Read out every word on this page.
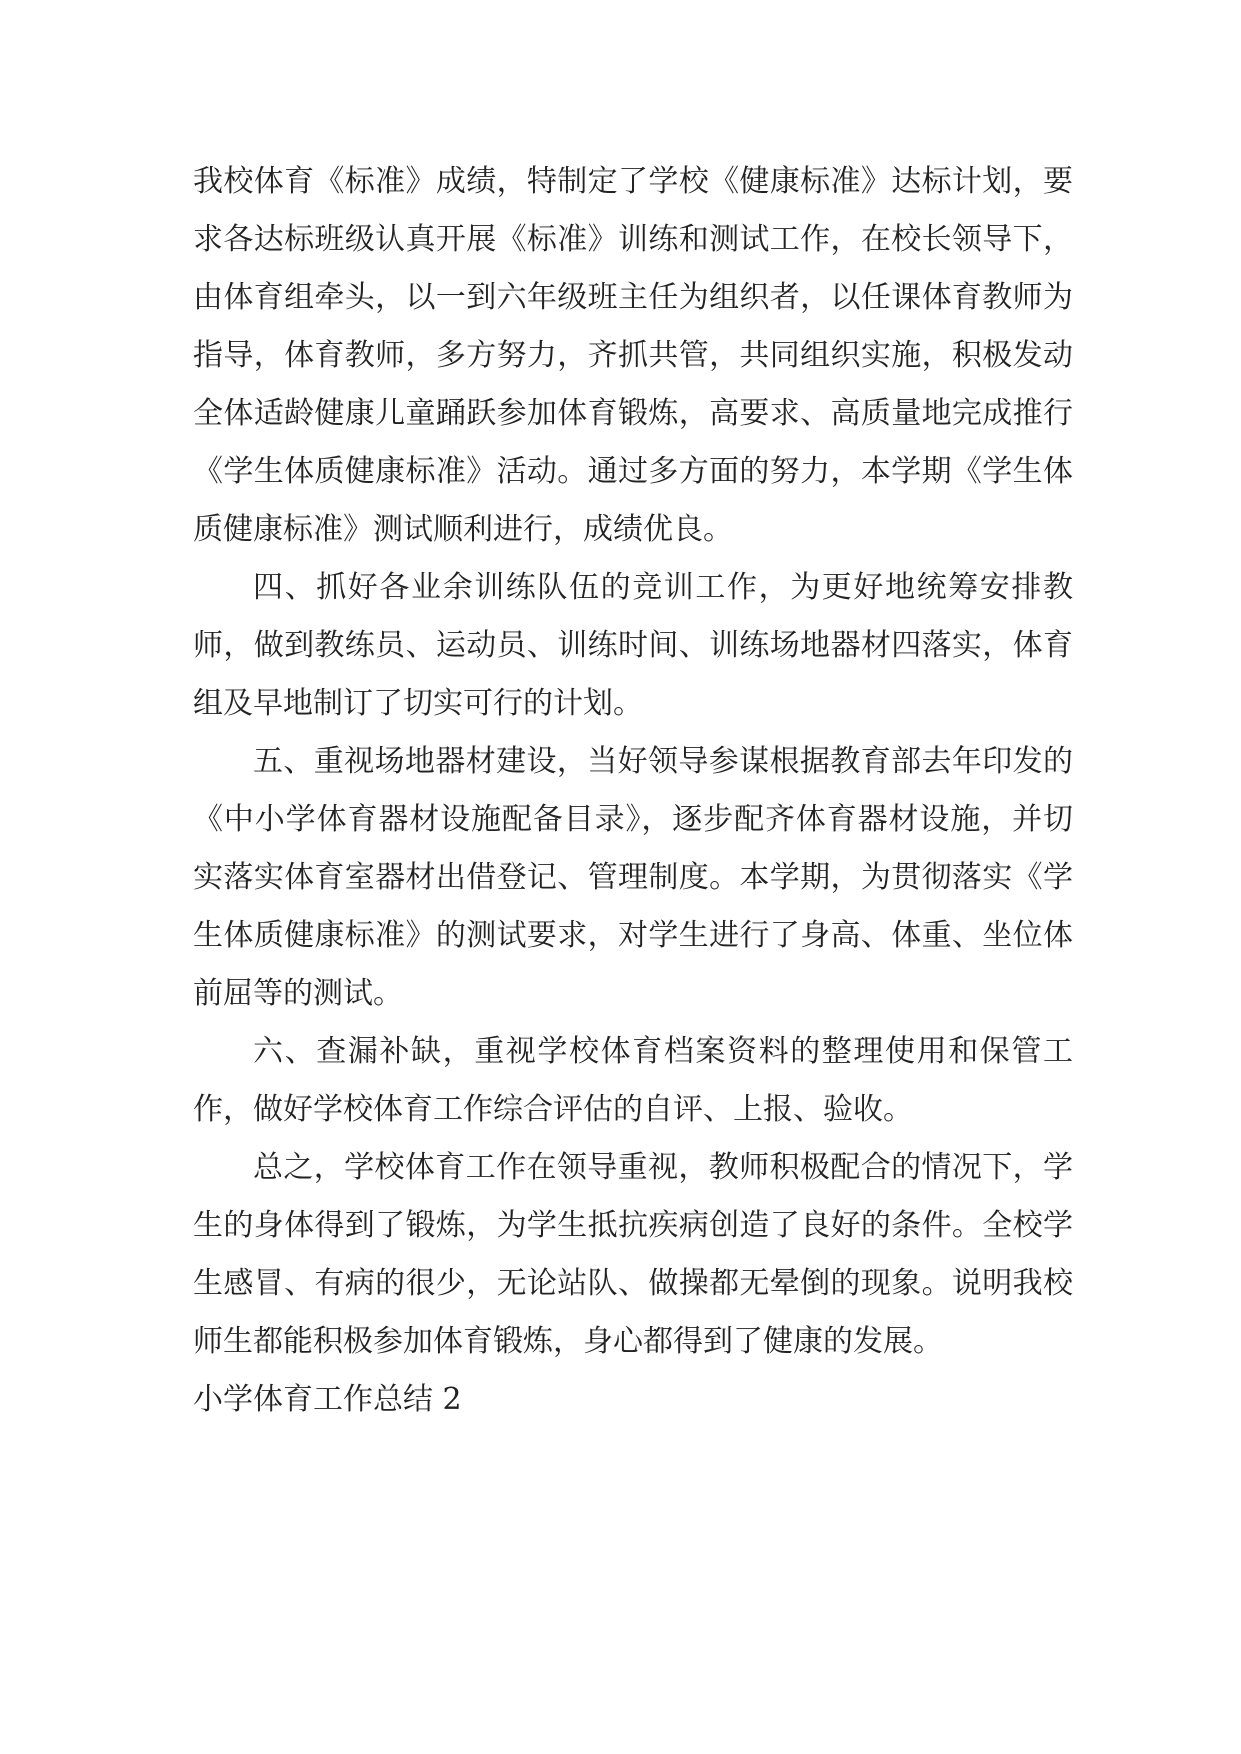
我校体育《标准》成绩，特制定了学校《健康标准》达标计划，要求各达标班级认真开展《标准》训练和测试工作，在校长领导下，由体育组牵头，以一到六年级班主任为组织者，以任课体育教师为指导，体育教师，多方努力，齐抓共管，共同组织实施，积极发动全体适龄健康儿童踊跃参加体育锻炼，高要求、高质量地完成推行《学生体质健康标准》活动。通过多方面的努力，本学期《学生体质健康标准》测试顺利进行，成绩优良。

四、抓好各业余训练队伍的竞训工作，为更好地统筹安排教师，做到教练员、运动员、训练时间、训练场地器材四落实，体育组及早地制订了切实可行的计划。

五、重视场地器材建设，当好领导参谋根据教育部去年印发的《中小学体育器材设施配备目录》，逐步配齐体育器材设施，并切实落实体育室器材出借登记、管理制度。本学期，为贯彻落实《学生体质健康标准》的测试要求，对学生进行了身高、体重、坐位体前屈等的测试。

六、查漏补缺，重视学校体育档案资料的整理使用和保管工作，做好学校体育工作综合评估的自评、上报、验收。

总之，学校体育工作在领导重视，教师积极配合的情况下，学生的身体得到了锻炼，为学生抵抗疾病创造了良好的条件。全校学生感冒、有病的很少，无论站队、做操都无晕倒的现象。说明我校师生都能积极参加体育锻炼，身心都得到了健康的发展。

小学体育工作总结 2
